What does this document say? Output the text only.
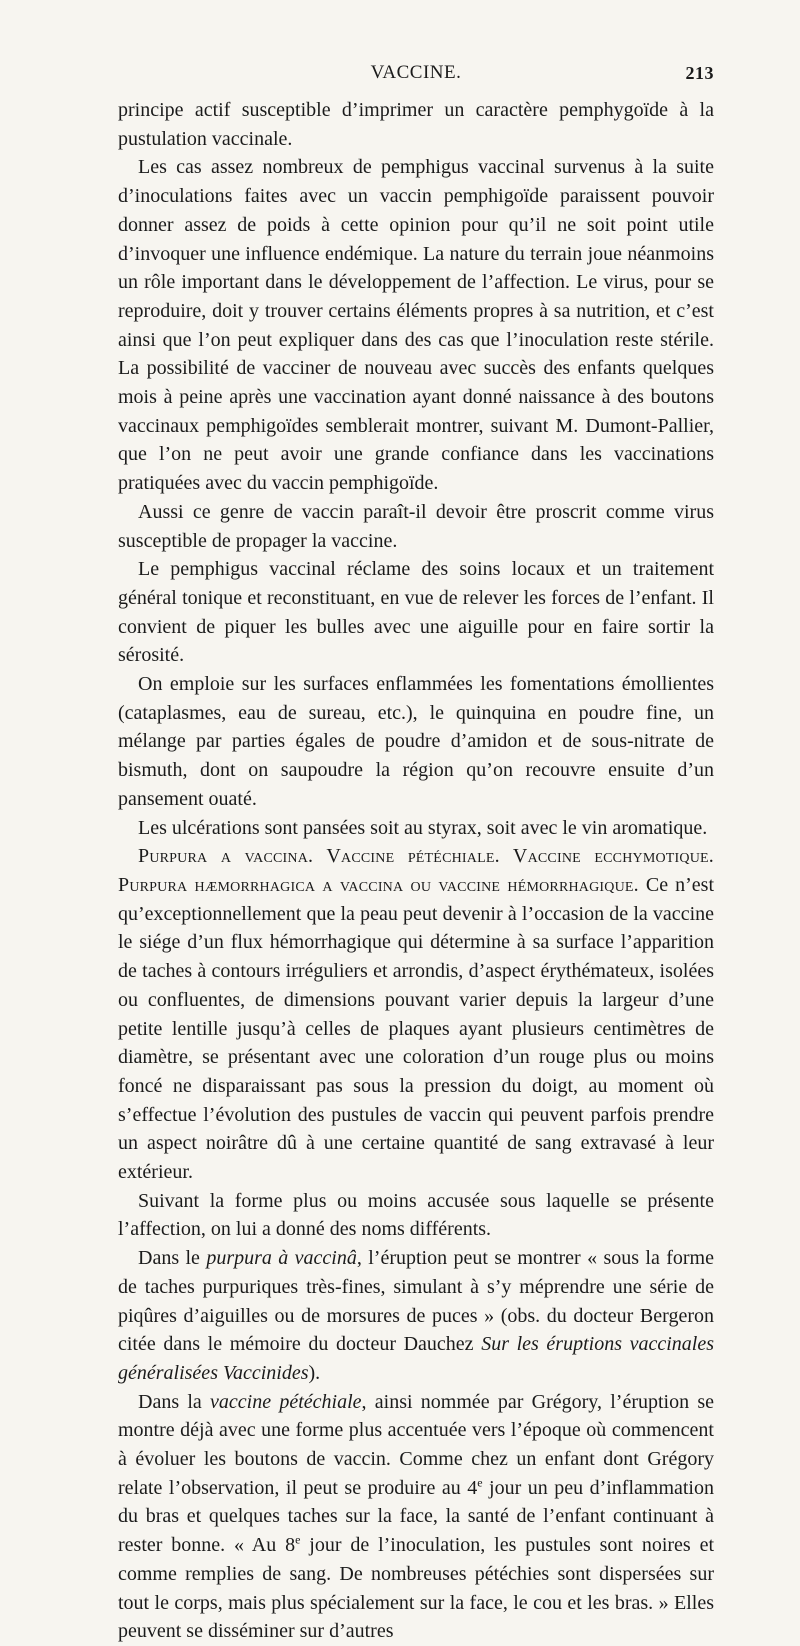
VACCINE.	213

principe actif susceptible d’imprimer un caractère pemphygoïde à la pustulation vaccinale.

Les cas assez nombreux de pemphigus vaccinal survenus à la suite d’inoculations faites avec un vaccin pemphigoïde paraissent pouvoir donner assez de poids à cette opinion pour qu’il ne soit point utile d’invoquer une influence endémique. La nature du terrain joue néanmoins un rôle important dans le développement de l’affection. Le virus, pour se reproduire, doit y trouver certains éléments propres à sa nutrition, et c’est ainsi que l’on peut expliquer dans des cas que l’inoculation reste stérile. La possibilité de vacciner de nouveau avec succès des enfants quelques mois à peine après une vaccination ayant donné naissance à des boutons vaccinaux pemphigoïdes semblerait montrer, suivant M. Dumont-Pallier, que l’on ne peut avoir une grande confiance dans les vaccinations pratiquées avec du vaccin pemphigoïde.

Aussi ce genre de vaccin paraît-il devoir être proscrit comme virus susceptible de propager la vaccine.

Le pemphigus vaccinal réclame des soins locaux et un traitement général tonique et reconstituant, en vue de relever les forces de l’enfant. Il convient de piquer les bulles avec une aiguille pour en faire sortir la sérosité.

On emploie sur les surfaces enflammées les fomentations émollientes (cataplasmes, eau de sureau, etc.), le quinquina en poudre fine, un mélange par parties égales de poudre d’amidon et de sous-nitrate de bismuth, dont on saupoudre la région qu’on recouvre ensuite d’un pansement ouaté.

Les ulcérations sont pansées soit au styrax, soit avec le vin aromatique.

Purpura a vaccina. Vaccine pétéchiale. Vaccine ecchymotique. Purpura hæmorrhagica a vaccina ou vaccine hémorrhagique. Ce n’est qu’exceptionnellement que la peau peut devenir à l’occasion de la vaccine le siége d’un flux hémorrhagique qui détermine à sa surface l’apparition de taches à contours irréguliers et arrondis, d’aspect érythémateux, isolées ou confluentes, de dimensions pouvant varier depuis la largeur d’une petite lentille jusqu’à celles de plaques ayant plusieurs centimètres de diamètre, se présentant avec une coloration d’un rouge plus ou moins foncé ne disparaissant pas sous la pression du doigt, au moment où s’effectue l’évolution des pustules de vaccin qui peuvent parfois prendre un aspect noirâtre dû à une certaine quantité de sang extravasé à leur extérieur.

Suivant la forme plus ou moins accusée sous laquelle se présente l’affection, on lui a donné des noms différents.

Dans le purpura à vaccinâ, l’éruption peut se montrer « sous la forme de taches purpuriques très-fines, simulant à s’y méprendre une série de piqûres d’aiguilles ou de morsures de puces » (obs. du docteur Bergeron citée dans le mémoire du docteur Dauchez Sur les éruptions vaccinales généralisées Vaccinides).

Dans la vaccine pétéchiale, ainsi nommée par Grégory, l’éruption se montre déjà avec une forme plus accentuée vers l’époque où commencent à évoluer les boutons de vaccin. Comme chez un enfant dont Grégory relate l’observation, il peut se produire au 4e jour un peu d’inflammation du bras et quelques taches sur la face, la santé de l’enfant continuant à rester bonne. « Au 8e jour de l’inoculation, les pustules sont noires et comme remplies de sang. De nombreuses pétéchies sont dispersées sur tout le corps, mais plus spécialement sur la face, le cou et les bras. » Elles peuvent se disséminer sur d’autres
